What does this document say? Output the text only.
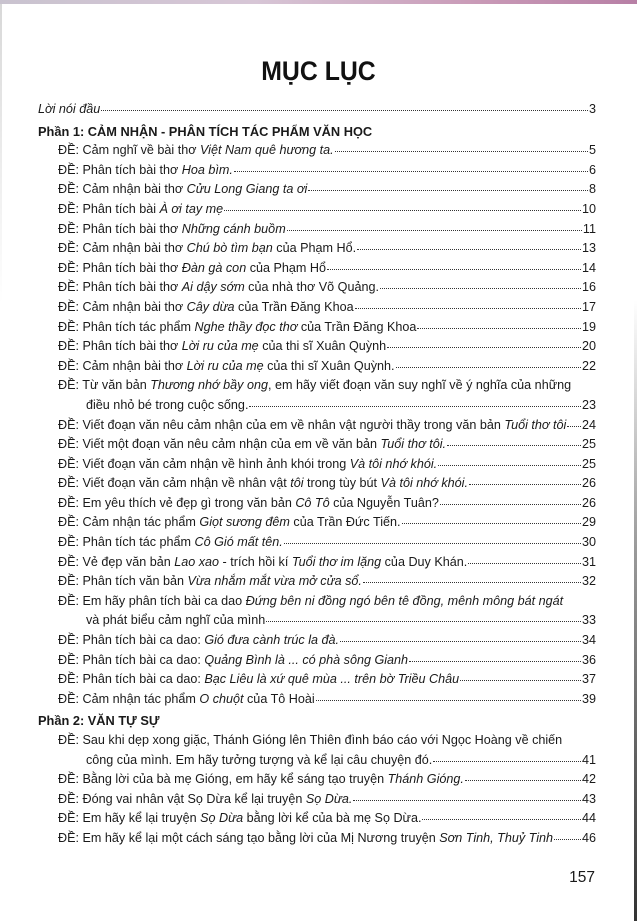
MỤC LỤC
Lời nói đầu	3
Phần 1: CẢM NHẬN - PHÂN TÍCH TÁC PHẨM VĂN HỌC
ĐỀ: Cảm nghĩ về bài thơ Việt Nam quê hương ta.	5
ĐỀ: Phân tích bài thơ Hoa bìm.	6
ĐỀ: Cảm nhận bài thơ Cửu Long Giang ta ơi	8
ĐỀ: Phân tích bài À ơi tay mẹ	10
ĐỀ: Phân tích bài thơ Những cánh buồm	11
ĐỀ: Cảm nhận bài thơ Chú bò tìm bạn của Phạm Hổ.	13
ĐỀ: Phân tích bài thơ Đàn gà con của Phạm Hổ	14
ĐỀ: Phân tích bài thơ Ai dậy sớm của nhà thơ Võ Quảng.	16
ĐỀ: Cảm nhận bài thơ Cây dừa của Trần Đăng Khoa	17
ĐỀ: Phân tích tác phẩm Nghe thầy đọc thơ của Trần Đăng Khoa	19
ĐỀ: Phân tích bài thơ Lời ru của mẹ của thi sĩ Xuân Quỳnh	20
ĐỀ: Cảm nhận bài thơ Lời ru của mẹ của thi sĩ Xuân Quỳnh.	22
ĐỀ: Từ văn bản Thương nhớ bầy ong, em hãy viết đoạn văn suy nghĩ về ý nghĩa của những
điều nhỏ bé trong cuộc sống.	23
ĐỀ: Viết đoạn văn nêu cảm nhận của em về nhân vật người thầy trong văn bản Tuổi thơ tôi 24
ĐỀ: Viết một đoạn văn nêu cảm nhận của em về văn bản Tuổi thơ tôi.	25
ĐỀ: Viết đoạn văn cảm nhận về hình ảnh khói trong Và tôi nhớ khói.	25
ĐỀ: Viết đoạn văn cảm nhận về nhân vật tôi trong tùy bút Và tôi nhớ khói.	26
ĐỀ: Em yêu thích vẻ đẹp gì trong văn bản Cô Tô của Nguyễn Tuân?	26
ĐỀ: Cảm nhận tác phẩm Giọt sương đêm của Trần Đức Tiến.	29
ĐỀ: Phân tích tác phẩm Cô Gió mất tên.	30
ĐỀ: Vẻ đẹp văn bản Lao xao - trích hồi kí Tuổi thơ im lặng của Duy Khán.	31
ĐỀ: Phân tích văn bản Vừa nhắm mắt vừa mở cửa sổ.	32
ĐỀ: Em hãy phân tích bài ca dao Đứng bên ni đồng ngó bên tê đồng, mênh mông bát ngát
và phát biểu cảm nghĩ của mình	33
ĐỀ: Phân tích bài ca dao: Gió đưa cành trúc la đà.	34
ĐỀ: Phân tích bài ca dao: Quảng Bình là ... có phà sông Gianh	36
ĐỀ: Phân tích bài ca dao: Bạc Liêu là xứ quê mùa ... trên bờ Triều Châu	37
ĐỀ: Cảm nhận tác phẩm O chuột của Tô Hoài	39
Phần 2: VĂN TỰ SỰ
ĐỀ: Sau khi dẹp xong giặc, Thánh Gióng lên Thiên đình báo cáo với Ngọc Hoàng về chiến
công của mình. Em hãy tưởng tượng và kể lại câu chuyện đó.	41
ĐỀ: Bằng lời của bà mẹ Gióng, em hãy kể sáng tạo truyện Thánh Gióng.	42
ĐỀ: Đóng vai nhân vật Sọ Dừa kể lại truyện Sọ Dừa.	43
ĐỀ: Em hãy kể lại truyện Sọ Dừa bằng lời kể của bà mẹ Sọ Dừa.	44
ĐỀ: Em hãy kể lại một cách sáng tạo bằng lời của Mị Nương truyện Sơn Tinh, Thuỷ Tinh 46
157
